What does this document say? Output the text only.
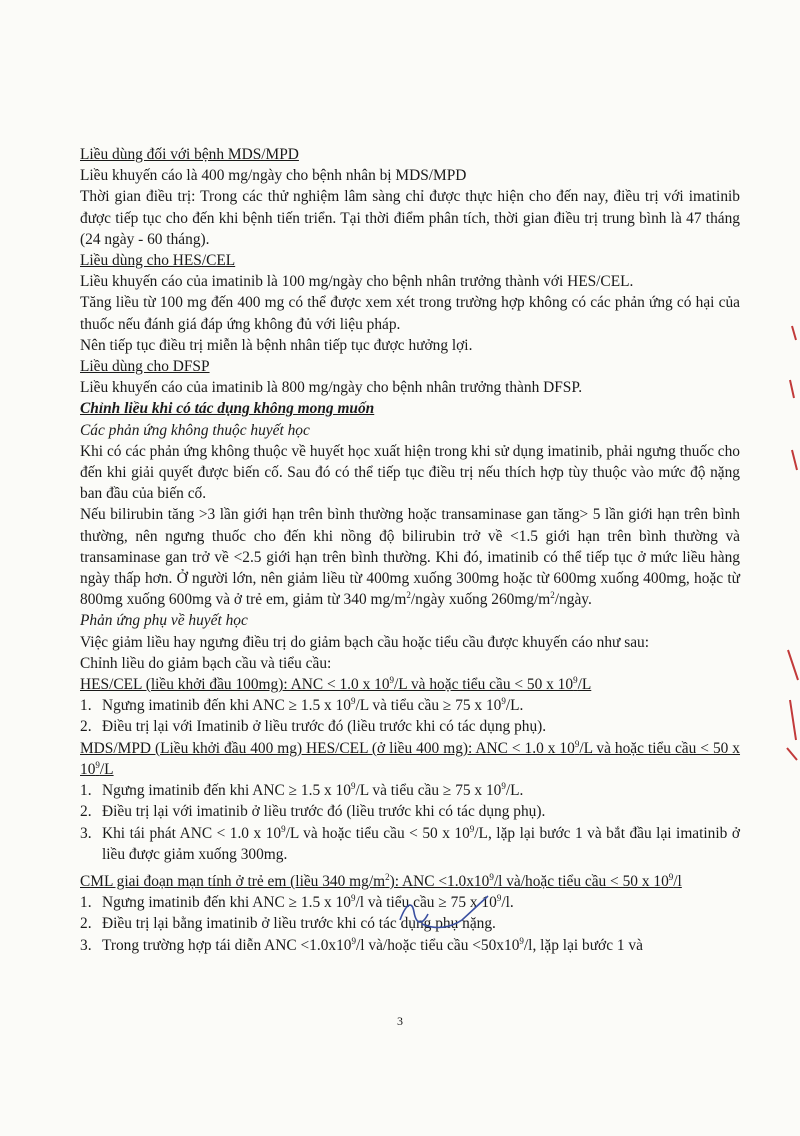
Liều dùng đối với bệnh MDS/MPD

Liều khuyến cáo là 400 mg/ngày cho bệnh nhân bị MDS/MPD

Thời gian điều trị: Trong các thử nghiệm lâm sàng chỉ được thực hiện cho đến nay, điều trị với imatinib được tiếp tục cho đến khi bệnh tiến triển. Tại thời điểm phân tích, thời gian điều trị trung bình là 47 tháng (24 ngày - 60 tháng).

Liều dùng cho HES/CEL

Liều khuyến cáo của imatinib là 100 mg/ngày cho bệnh nhân trưởng thành với HES/CEL.

Tăng liều từ 100 mg đến 400 mg có thể được xem xét trong trường hợp không có các phản ứng có hại của thuốc nếu đánh giá đáp ứng không đủ với liệu pháp.

Nên tiếp tục điều trị miễn là bệnh nhân tiếp tục được hưởng lợi.

Liều dùng cho DFSP

Liều khuyến cáo của imatinib là 800 mg/ngày cho bệnh nhân trưởng thành DFSP.

Chỉnh liều khi có tác dụng không mong muốn

Các phản ứng không thuộc huyết học

Khi có các phản ứng không thuộc về huyết học xuất hiện trong khi sử dụng imatinib, phải ngưng thuốc cho đến khi giải quyết được biến cố. Sau đó có thể tiếp tục điều trị nếu thích hợp tùy thuộc vào mức độ nặng ban đầu của biến cố.

Nếu bilirubin tăng >3 lần giới hạn trên bình thường hoặc transaminase gan tăng> 5 lần giới hạn trên bình thường, nên ngưng thuốc cho đến khi nồng độ bilirubin trở về <1.5 giới hạn trên bình thường và transaminase gan trở về <2.5 giới hạn trên bình thường. Khi đó, imatinib có thể tiếp tục ở mức liều hàng ngày thấp hơn. Ở người lớn, nên giảm liều từ 400mg xuống 300mg hoặc từ 600mg xuống 400mg, hoặc từ 800mg xuống 600mg và ở trẻ em, giảm từ 340 $mg/m^2$/ngày xuống $260mg/m^2$/ngày.

Phản ứng phụ về huyết học

Việc giảm liều hay ngưng điều trị do giảm bạch cầu hoặc tiểu cầu được khuyến cáo như sau:

Chỉnh liều do giảm bạch cầu và tiểu cầu:

HES/CEL (liều khởi đầu 100mg): ANC < 1.0 x $10^9/L$ và hoặc tiểu cầu < 50 x $10^9/L$

1. Ngưng imatinib đến khi ANC ≥ 1.5 x $10^9/L$ và tiểu cầu ≥ 75 x $10^9/L$.
2. Điều trị lại với Imatinib ở liều trước đó (liều trước khi có tác dụng phụ).

MDS/MPD (Liều khởi đầu 400 mg) HES/CEL (ở liều 400 mg): ANC < 1.0 x $10^9/L$ và hoặc tiểu cầu < 50 x $10^9/L$

1. Ngưng imatinib đến khi ANC ≥ 1.5 x $10^9/L$ và tiểu cầu ≥ 75 x $10^9/L$.
2. Điều trị lại với imatinib ở liều trước đó (liều trước khi có tác dụng phụ).
3. Khi tái phát ANC < 1.0 x $10^9/L$ và hoặc tiểu cầu < 50 x $10^9/L$, lặp lại bước 1 và bắt đầu lại imatinib ở liều được giảm xuống 300mg.

CML giai đoạn mạn tính ở trẻ em (liều 340 $mg/m^2$): ANC $<1.0x10^9/l$ và/hoặc tiểu cầu < 50 x $10^9/l$

1. Ngưng imatinib đến khi ANC ≥ 1.5 x $10^9/l$ và tiểu cầu ≥ 75 x $10^9/l$.
2. Điều trị lại bằng imatinib ở liều trước khi có tác dụng phụ nặng.
3. Trong trường hợp tái diễn ANC $<1.0x10^9/l$ và/hoặc tiểu cầu $<50x10^9/l$, lặp lại bước 1 và
3
